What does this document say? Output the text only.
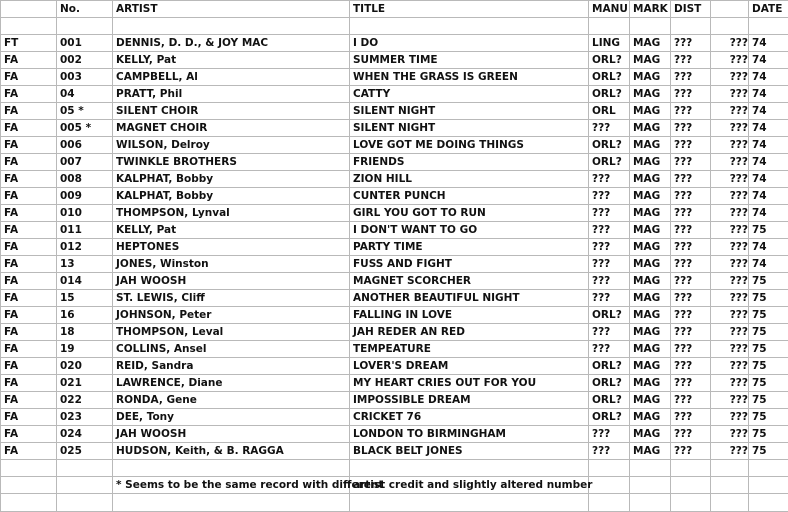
	No.	ARTIST	TITLE	MANU	MARK	DIST		DATE

FT	001	DENNIS, D. D., & JOY MAC	I DO	LING	MAG	???	???	74
FA	002	KELLY, Pat	SUMMER TIME	ORL?	MAG	???	???	74
FA	003	CAMPBELL, Al	WHEN THE GRASS IS GREEN	ORL?	MAG	???	???	74
FA	04	PRATT, Phil	CATTY	ORL?	MAG	???	???	74
FA	05 *	SILENT CHOIR	SILENT NIGHT	ORL	MAG	???	???	74
FA	005 *	MAGNET CHOIR	SILENT NIGHT	???	MAG	???	???	74
FA	006	WILSON, Delroy	LOVE GOT ME DOING THINGS	ORL?	MAG	???	???	74
FA	007	TWINKLE BROTHERS	FRIENDS	ORL?	MAG	???	???	74
FA	008	KALPHAT, Bobby	ZION HILL	???	MAG	???	???	74
FA	009	KALPHAT, Bobby	CUNTER PUNCH	???	MAG	???	???	74
FA	010	THOMPSON, Lynval	GIRL YOU GOT TO RUN	???	MAG	???	???	74
FA	011	KELLY, Pat	I DON'T WANT TO GO	???	MAG	???	???	75
FA	012	HEPTONES	PARTY TIME	???	MAG	???	???	74
FA	13	JONES, Winston	FUSS AND FIGHT	???	MAG	???	???	74
FA	014	JAH WOOSH	MAGNET SCORCHER	???	MAG	???	???	75
FA	15	ST. LEWIS, Cliff	ANOTHER BEAUTIFUL NIGHT	???	MAG	???	???	75
FA	16	JOHNSON, Peter	FALLING IN LOVE	ORL?	MAG	???	???	75
FA	18	THOMPSON, Leval	JAH REDER AN RED	???	MAG	???	???	75
FA	19	COLLINS, Ansel	TEMPEATURE	???	MAG	???	???	75
FA	020	REID, Sandra	LOVER'S DREAM	ORL?	MAG	???	???	75
FA	021	LAWRENCE, Diane	MY HEART CRIES OUT FOR YOU	ORL?	MAG	???	???	75
FA	022	RONDA, Gene	IMPOSSIBLE DREAM	ORL?	MAG	???	???	75
FA	023	DEE, Tony	CRICKET 76	ORL?	MAG	???	???	75
FA	024	JAH WOOSH	LONDON TO BIRMINGHAM	???	MAG	???	???	75
FA	025	HUDSON, Keith, & B. RAGGA	BLACK BELT JONES	???	MAG	???	???	75

		* Seems to be the same record with different	artist credit and slightly altered number					
